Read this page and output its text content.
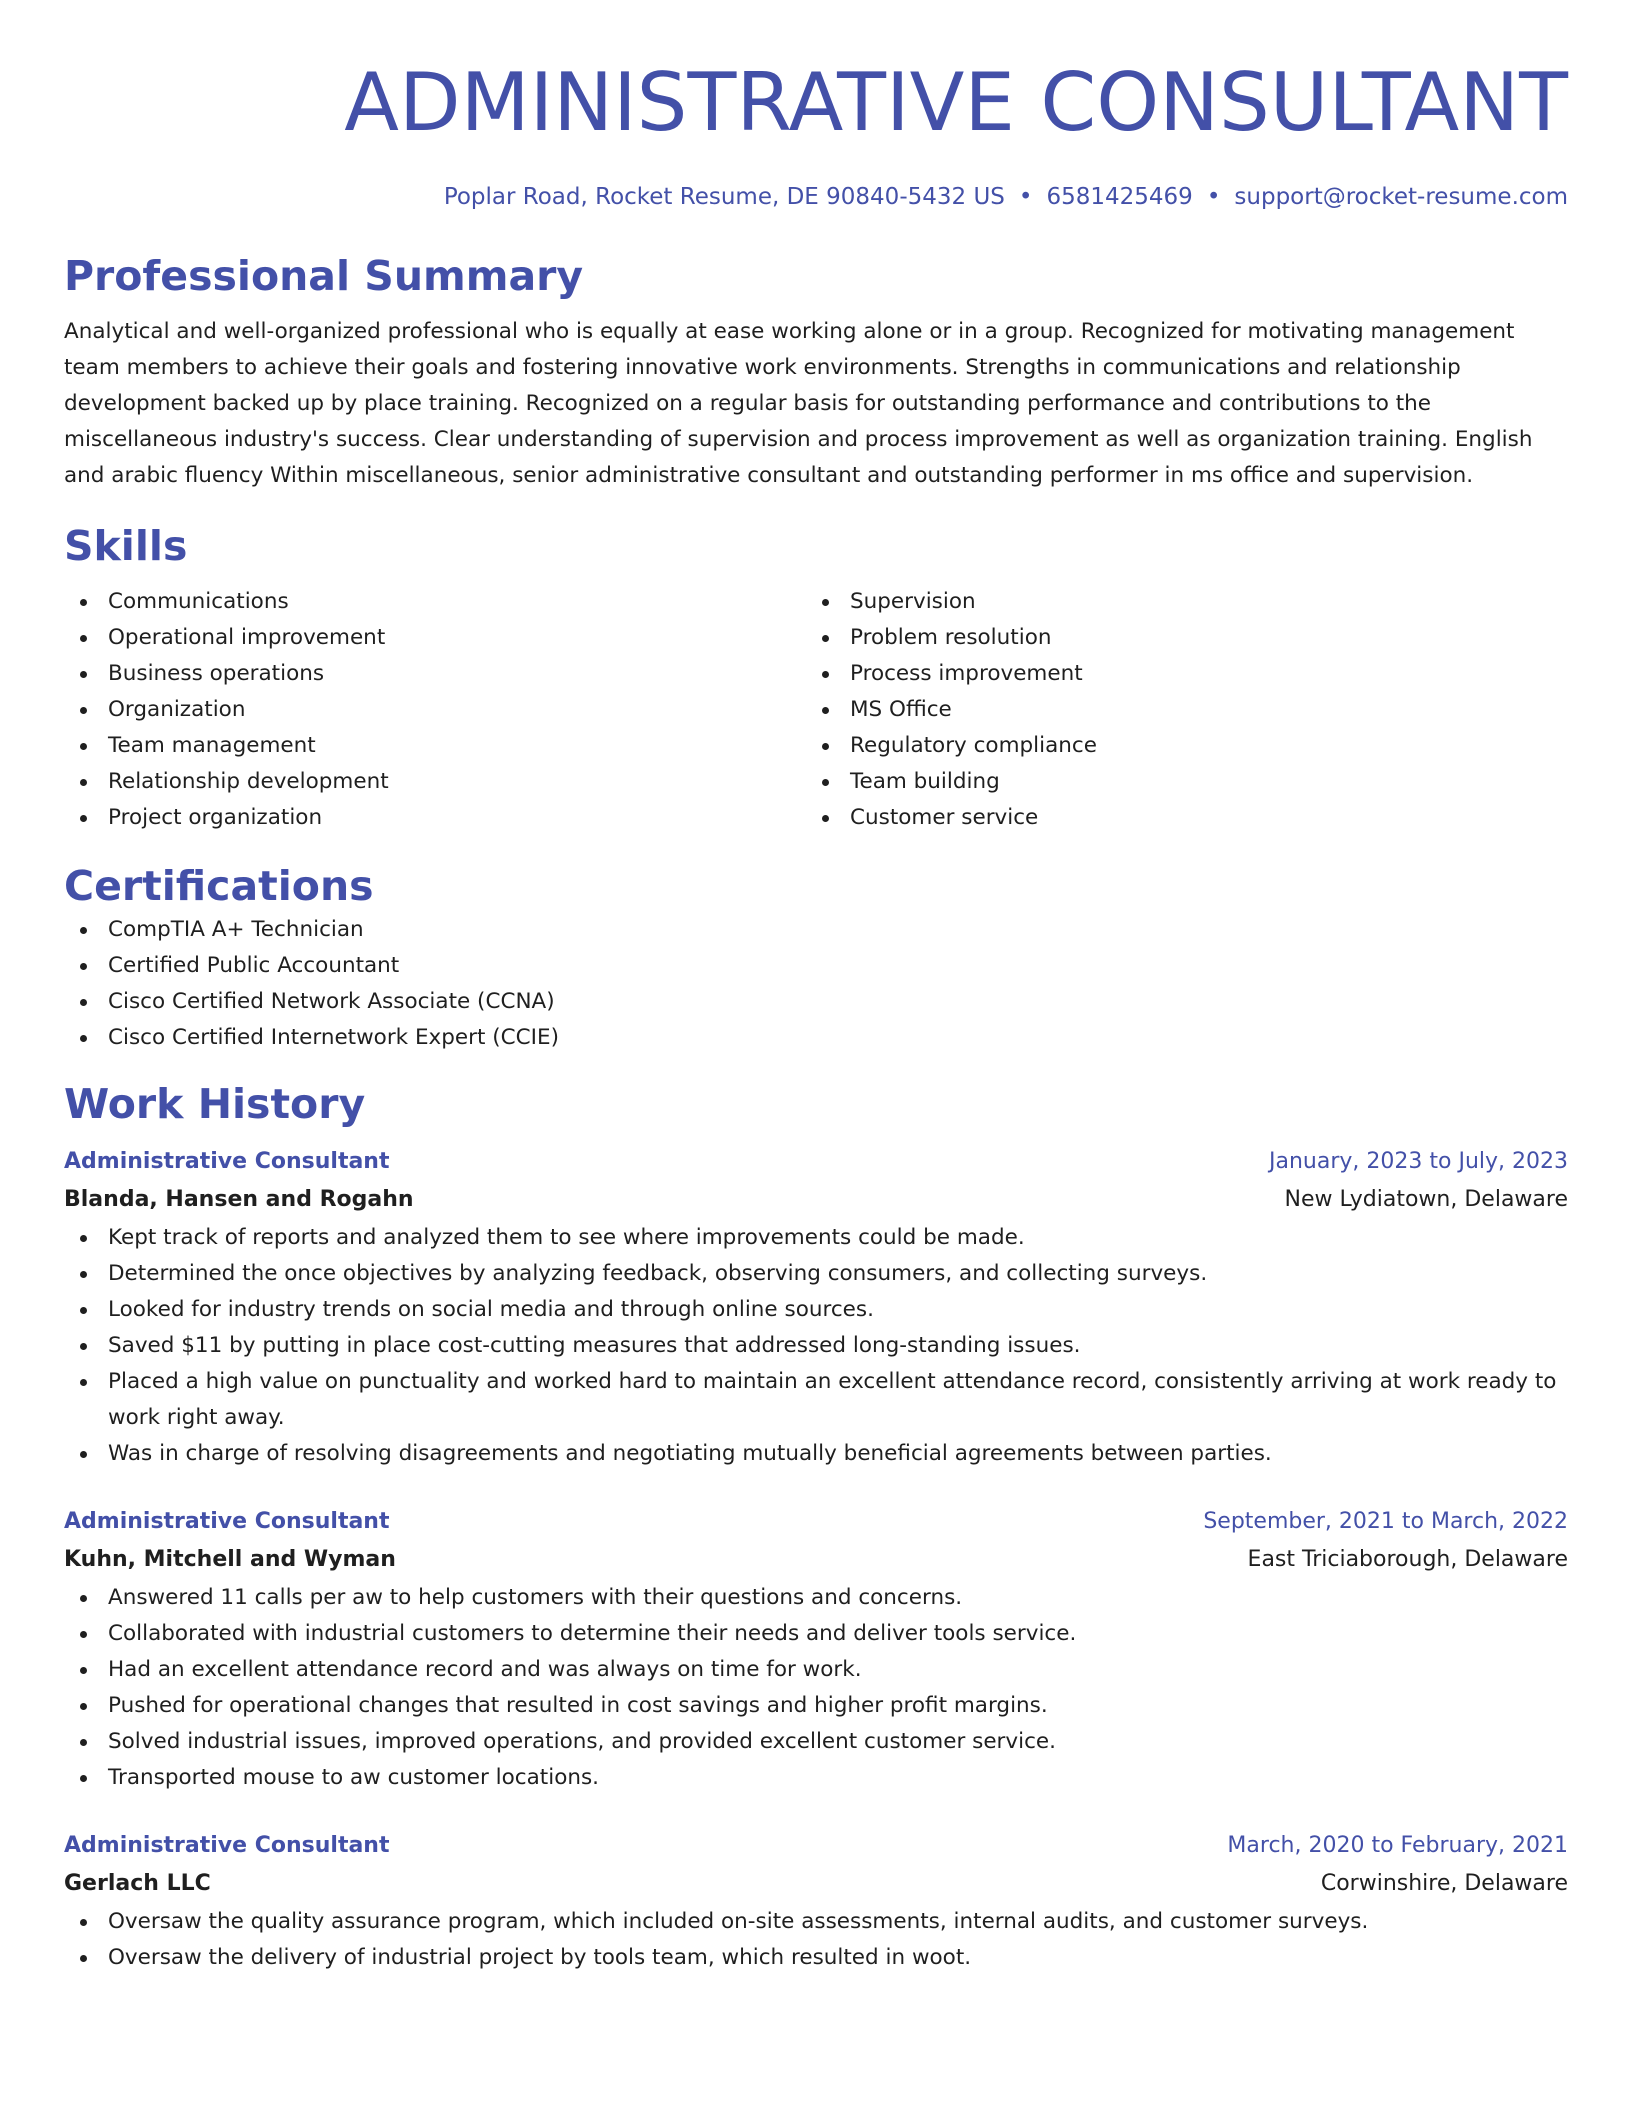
ADMINISTRATIVE CONSULTANT
Poplar Road, Rocket Resume, DE 90840-5432 US • 6581425469 • support@rocket-resume.com
Professional Summary

Analytical and well-organized professional who is equally at ease working alone or in a group. Recognized for motivating management team members to achieve their goals and fostering innovative work environments. Strengths in communications and relationship development backed up by place training. Recognized on a regular basis for outstanding performance and contributions to the miscellaneous industry's success. Clear understanding of supervision and process improvement as well as organization training. English and arabic fluency Within miscellaneous, senior administrative consultant and outstanding performer in ms office and supervision.

Skills
Communications
Operational improvement
Business operations
Organization
Team management
Relationship development
Project organization
Supervision
Problem resolution
Process improvement
MS Office
Regulatory compliance
Team building
Customer service
Certifications
CompTIA A+ Technician
Certified Public Accountant
Cisco Certified Network Associate (CCNA)
Cisco Certified Internetwork Expert (CCIE)
Work History
Administrative Consultant	January, 2023 to July, 2023
Blanda, Hansen and Rogahn	New Lydiatown, Delaware
Kept track of reports and analyzed them to see where improvements could be made.
Determined the once objectives by analyzing feedback, observing consumers, and collecting surveys.
Looked for industry trends on social media and through online sources.
Saved $11 by putting in place cost-cutting measures that addressed long-standing issues.
Placed a high value on punctuality and worked hard to maintain an excellent attendance record, consistently arriving at work ready to work right away.
Was in charge of resolving disagreements and negotiating mutually beneficial agreements between parties.
Administrative Consultant	September, 2021 to March, 2022
Kuhn, Mitchell and Wyman	East Triciaborough, Delaware
Answered 11 calls per aw to help customers with their questions and concerns.
Collaborated with industrial customers to determine their needs and deliver tools service.
Had an excellent attendance record and was always on time for work.
Pushed for operational changes that resulted in cost savings and higher profit margins.
Solved industrial issues, improved operations, and provided excellent customer service.
Transported mouse to aw customer locations.
Administrative Consultant	March, 2020 to February, 2021
Gerlach LLC	Corwinshire, Delaware
Oversaw the quality assurance program, which included on-site assessments, internal audits, and customer surveys.
Oversaw the delivery of industrial project by tools team, which resulted in woot.
